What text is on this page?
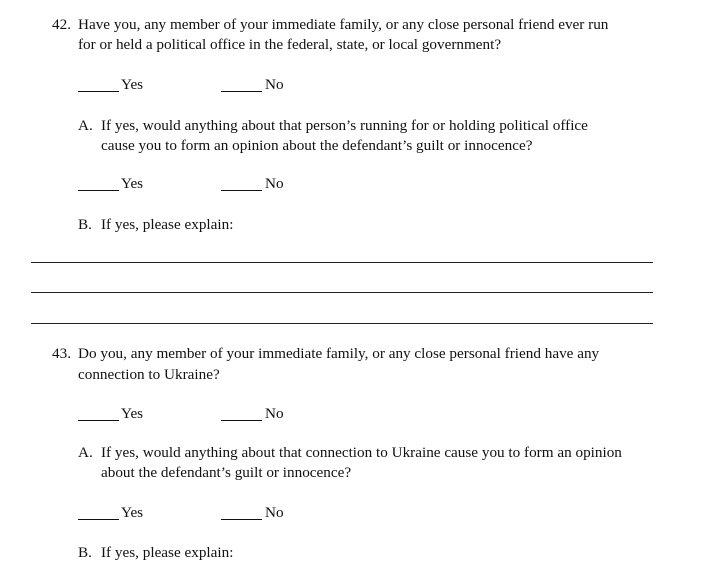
42. Have you, any member of your immediate family, or any close personal friend ever run
for or held a political office in the federal, state, or local government?
Yes	No
A. If yes, would anything about that person’s running for or holding political office
cause you to form an opinion about the defendant’s guilt or innocence?
Yes	No
B. If yes, please explain:
43. Do you, any member of your immediate family, or any close personal friend have any
connection to Ukraine?
Yes	No
A. If yes, would anything about that connection to Ukraine cause you to form an opinion
about the defendant’s guilt or innocence?
Yes	No
B. If yes, please explain:
